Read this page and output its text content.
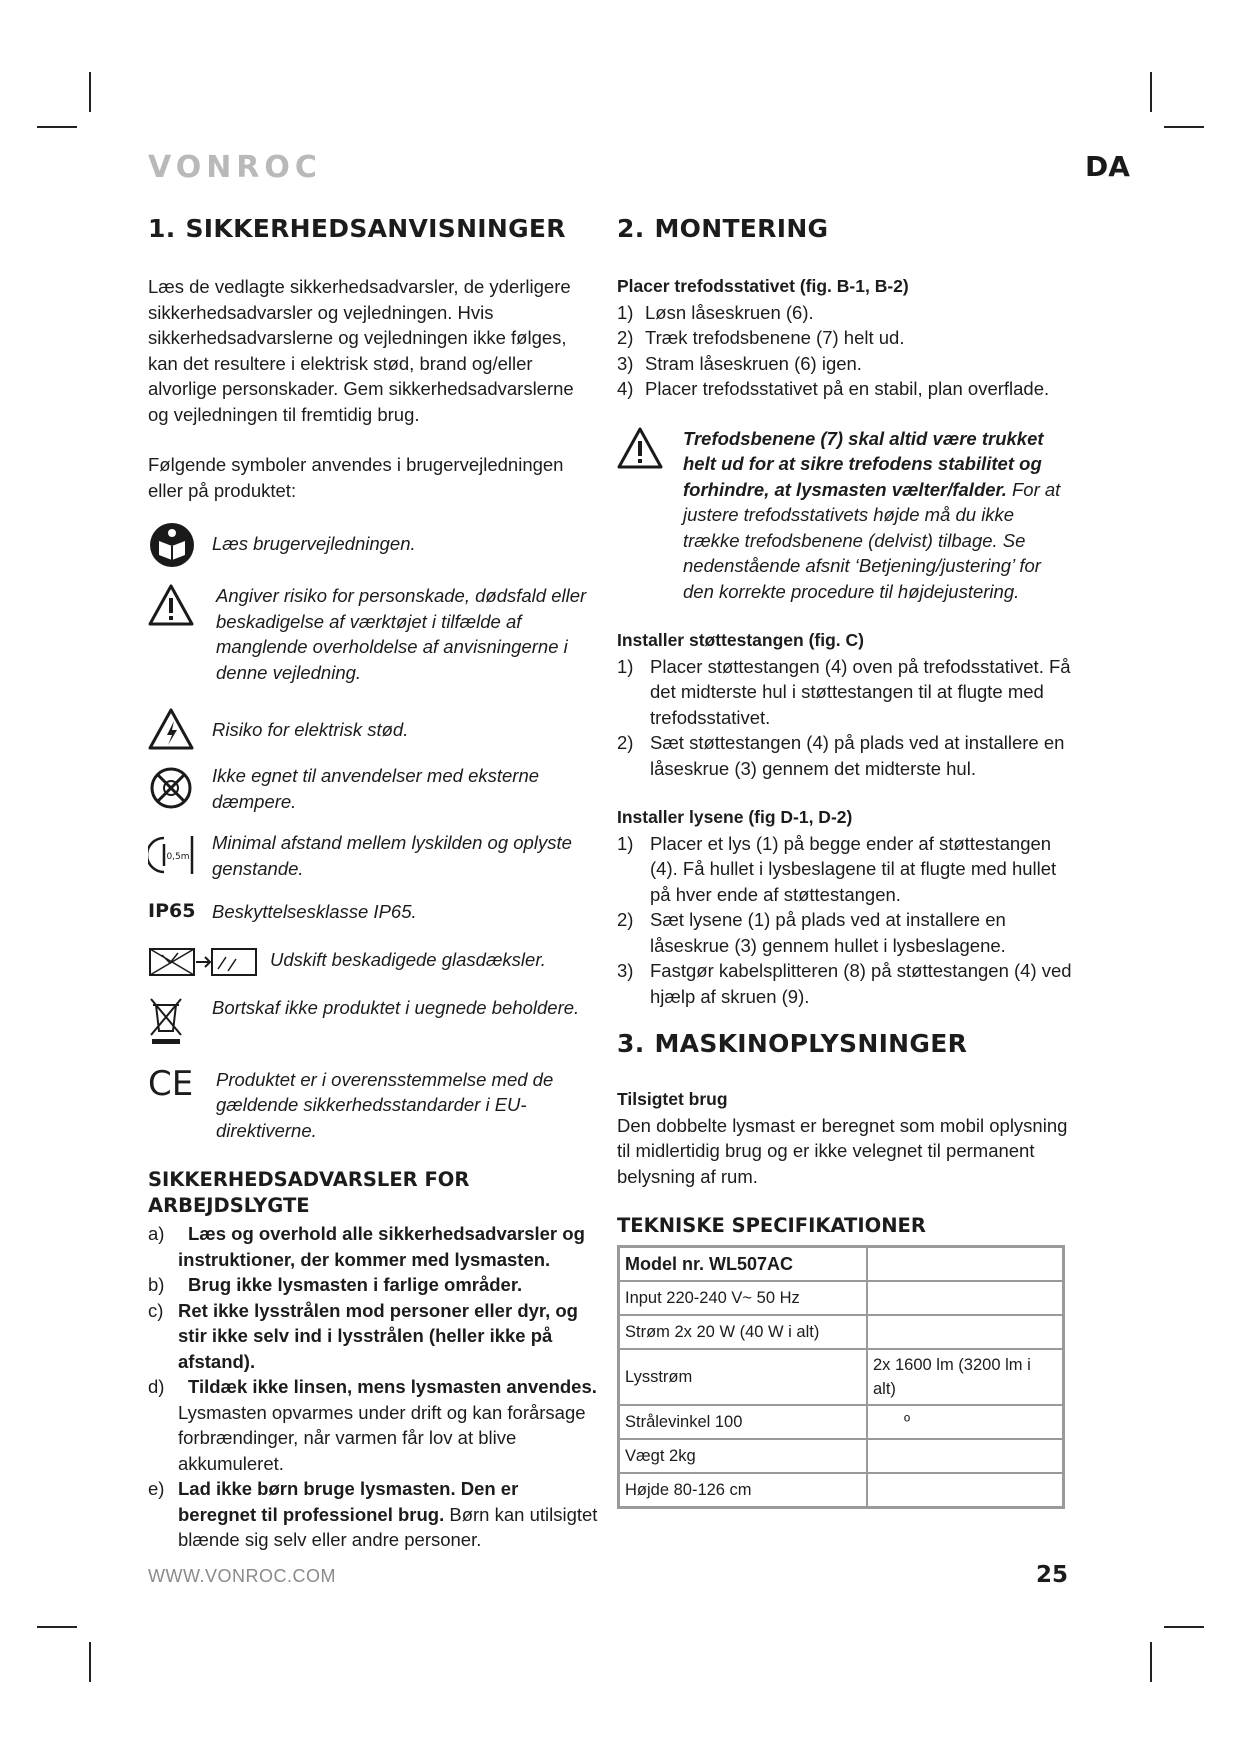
VONROC	DA
1. SIKKERHEDSANVISNINGER

Læs de vedlagte sikkerhedsadvarsler, de yderligere sikkerhedsadvarsler og vejledningen. Hvis sikkerhedsadvarslerne og vejledningen ikke følges, kan det resultere i elektrisk stød, brand og/eller alvorlige personskader. Gem sikkerhedsadvarslerne og vejledningen til fremtidig brug.

Følgende symboler anvendes i brugervejledningen eller på produktet:

Læs brugervejledningen.
Angiver risiko for personskade, dødsfald eller beskadigelse af værktøjet i tilfælde af manglende overholdelse af anvisningerne i denne vejledning.
Risiko for elektrisk stød.
Ikke egnet til anvendelser med eksterne dæmpere.
0,5m
Minimal afstand mellem lyskilden og oplyste genstande.
IP65 Beskyttelsesklasse IP65.
Udskift beskadigede glasdæksler.
Bortskaf ikke produktet i uegnede beholdere.
CE Produktet er i overensstemmelse med de gældende sikkerhedsstandarder i EU-direktiverne.
SIKKERHEDSADVARSLER FOR ARBEJDSLYGTE
a)	Læs og overhold alle sikkerhedsadvarsler og instruktioner, der kommer med lysmasten.
b)	Brug ikke lysmasten i farlige områder.
c) Ret ikke lysstrålen mod personer eller dyr, og stir ikke selv ind i lysstrålen (heller ikke på afstand).
d)	Tildæk ikke linsen, mens lysmasten anvendes. Lysmasten opvarmes under drift og kan forårsage forbrændinger, når varmen får lov at blive akkumuleret.
e) Lad ikke børn bruge lysmasten. Den er beregnet til professionel brug. Børn kan utilsigtet blænde sig selv eller andre personer.
2. MONTERING

Placer trefodsstativet (fig. B-1, B-2)

1) Løsn låseskruen (6).
2) Træk trefodsbenene (7) helt ud.
3) Stram låseskruen (6) igen.
4) Placer trefodsstativet på en stabil, plan overflade.

Trefodsbenene (7) skal altid være trukket helt ud for at sikre trefodens stabilitet og forhindre, at lysmasten vælter/falder. For at justere trefodsstativets højde må du ikke trække trefodsbenene (delvist) tilbage. Se nedenstående afsnit ‘Betjening/justering’ for den korrekte procedure til højdejustering.

Installer støttestangen (fig. C)

1) Placer støttestangen (4) oven på trefodsstativet. Få det midterste hul i støttestangen til at flugte med trefodsstativet.
2) Sæt støttestangen (4) på plads ved at installere en låseskrue (3) gennem det midterste hul.

Installer lysene (fig D-1, D-2)

1) Placer et lys (1) på begge ender af støttestangen (4). Få hullet i lysbeslagene til at flugte med hullet på hver ende af støttestangen.
2) Sæt lysene (1) på plads ved at installere en låseskrue (3) gennem hullet i lysbeslagene.
3) Fastgør kabelsplitteren (8) på støttestangen (4) ved hjælp af skruen (9).
3. MASKINOPLYSNINGER

Tilsigtet brug

Den dobbelte lysmast er beregnet som mobil oplysning til midlertidig brug og er ikke velegnet til permanent belysning af rum.

TEKNISKE SPECIFIKATIONER
Model nr. WL507AC	
Input 220-240 V~ 50 Hz	
Strøm 2x 20 W (40 W i alt)	
Lysstrøm	2x 1600 lm (3200 lm i alt)
Strålevinkel 100	º
Vægt 2kg	
Højde 80-126 cm	
WWW.VONROC.COM	25
